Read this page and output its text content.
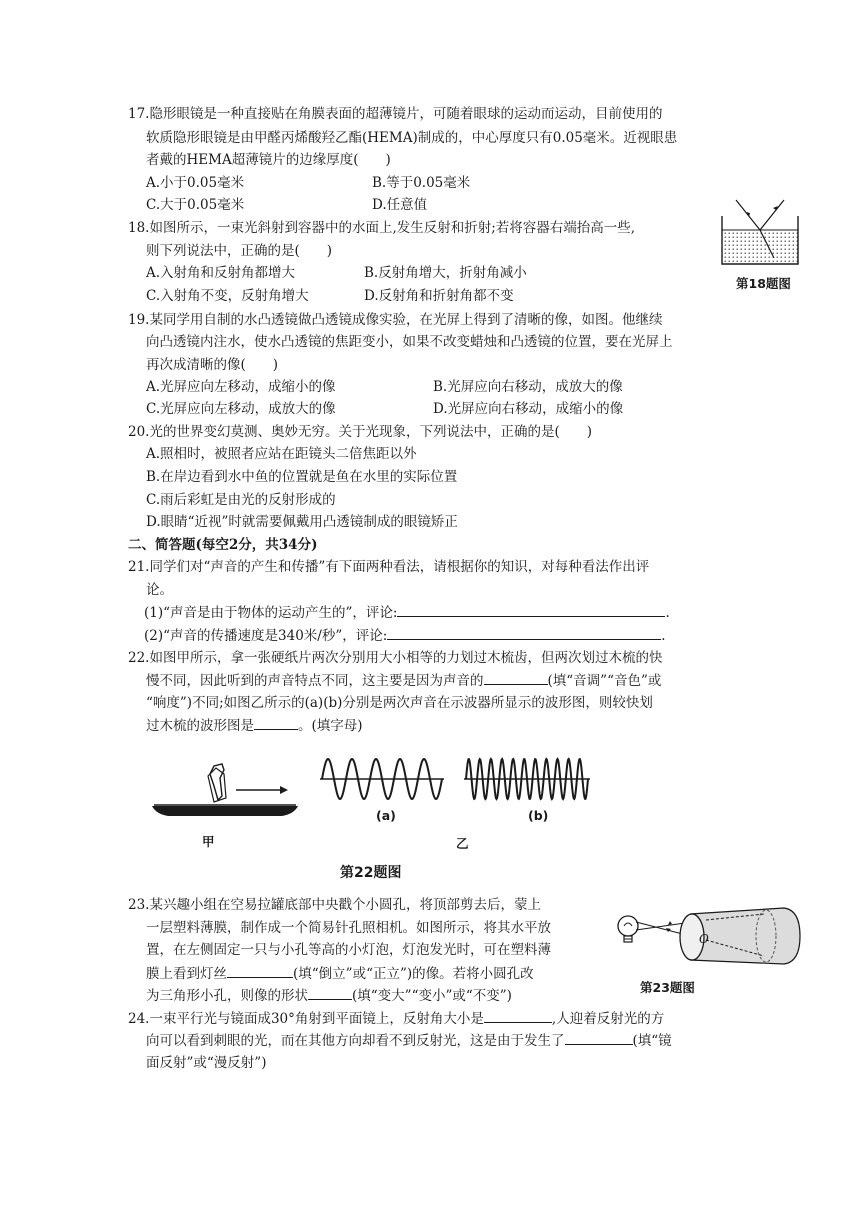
17.隐形眼镜是一种直接贴在角膜表面的超薄镜片，可随着眼球的运动而运动，目前使用的
软质隐形眼镜是由甲醛丙烯酸羟乙酯(HEMA)制成的，中心厚度只有0.05毫米。近视眼患
者戴的HEMA超薄镜片的边缘厚度(　　)
A.小于0.05毫米	B.等于0.05毫米
C.大于0.05毫米	D.任意值
18.如图所示，一束光斜射到容器中的水面上,发生反射和折射;若将容器右端抬高一些,
则下列说法中，正确的是(　　)
A.入射角和反射角都增大	B.反射角增大，折射角减小
C.入射角不变，反射角增大	D.反射角和折射角都不变
第18题图
19.某同学用自制的水凸透镜做凸透镜成像实验，在光屏上得到了清晰的像，如图。他继续
向凸透镜内注水，使水凸透镜的焦距变小，如果不改变蜡烛和凸透镜的位置，要在光屏上
再次成清晰的像(　　)
A.光屏应向左移动，成缩小的像	B.光屏应向右移动，成放大的像
C.光屏应向左移动，成放大的像	D.光屏应向右移动，成缩小的像
20.光的世界变幻莫测、奥妙无穷。关于光现象，下列说法中，正确的是(　　)
A.照相时，被照者应站在距镜头二倍焦距以外
B.在岸边看到水中鱼的位置就是鱼在水里的实际位置
C.雨后彩虹是由光的反射形成的
D.眼睛“近视”时就需要佩戴用凸透镜制成的眼镜矫正
二、简答题(每空2分，共34分)
21.同学们对“声音的产生和传播”有下面两种看法，请根据你的知识，对每种看法作出评
论。
(1)“声音是由于物体的运动产生的”，评论:	.
(2)“声音的传播速度是340米/秒”，评论:	.
22.如图甲所示，拿一张硬纸片两次分别用大小相等的力划过木梳齿，但两次划过木梳的快
慢不同，因此听到的声音特点不同，这主要是因为声音的	(填“音调”“音色”或
“响度”)不同;如图乙所示的(a)(b)分别是两次声音在示波器所显示的波形图，则较快划
过木梳的波形图是	。(填字母)
甲
(a)	(b)
乙
第22题图
23.某兴趣小组在空易拉罐底部中央戳个小圆孔，将顶部剪去后，蒙上
一层塑料薄膜，制作成一个简易针孔照相机。如图所示，将其水平放
置，在左侧固定一只与小孔等高的小灯泡，灯泡发光时，可在塑料薄
膜上看到灯丝	(填“倒立”或“正立”)的像。若将小圆孔改
为三角形小孔，则像的形状	(填“变大”“变小”或“不变”)
O
第23题图
24.一束平行光与镜面成30°角射到平面镜上，反射角大小是	,人迎着反射光的方
向可以看到刺眼的光，而在其他方向却看不到反射光，这是由于发生了	(填“镜
面反射”或“漫反射”)
